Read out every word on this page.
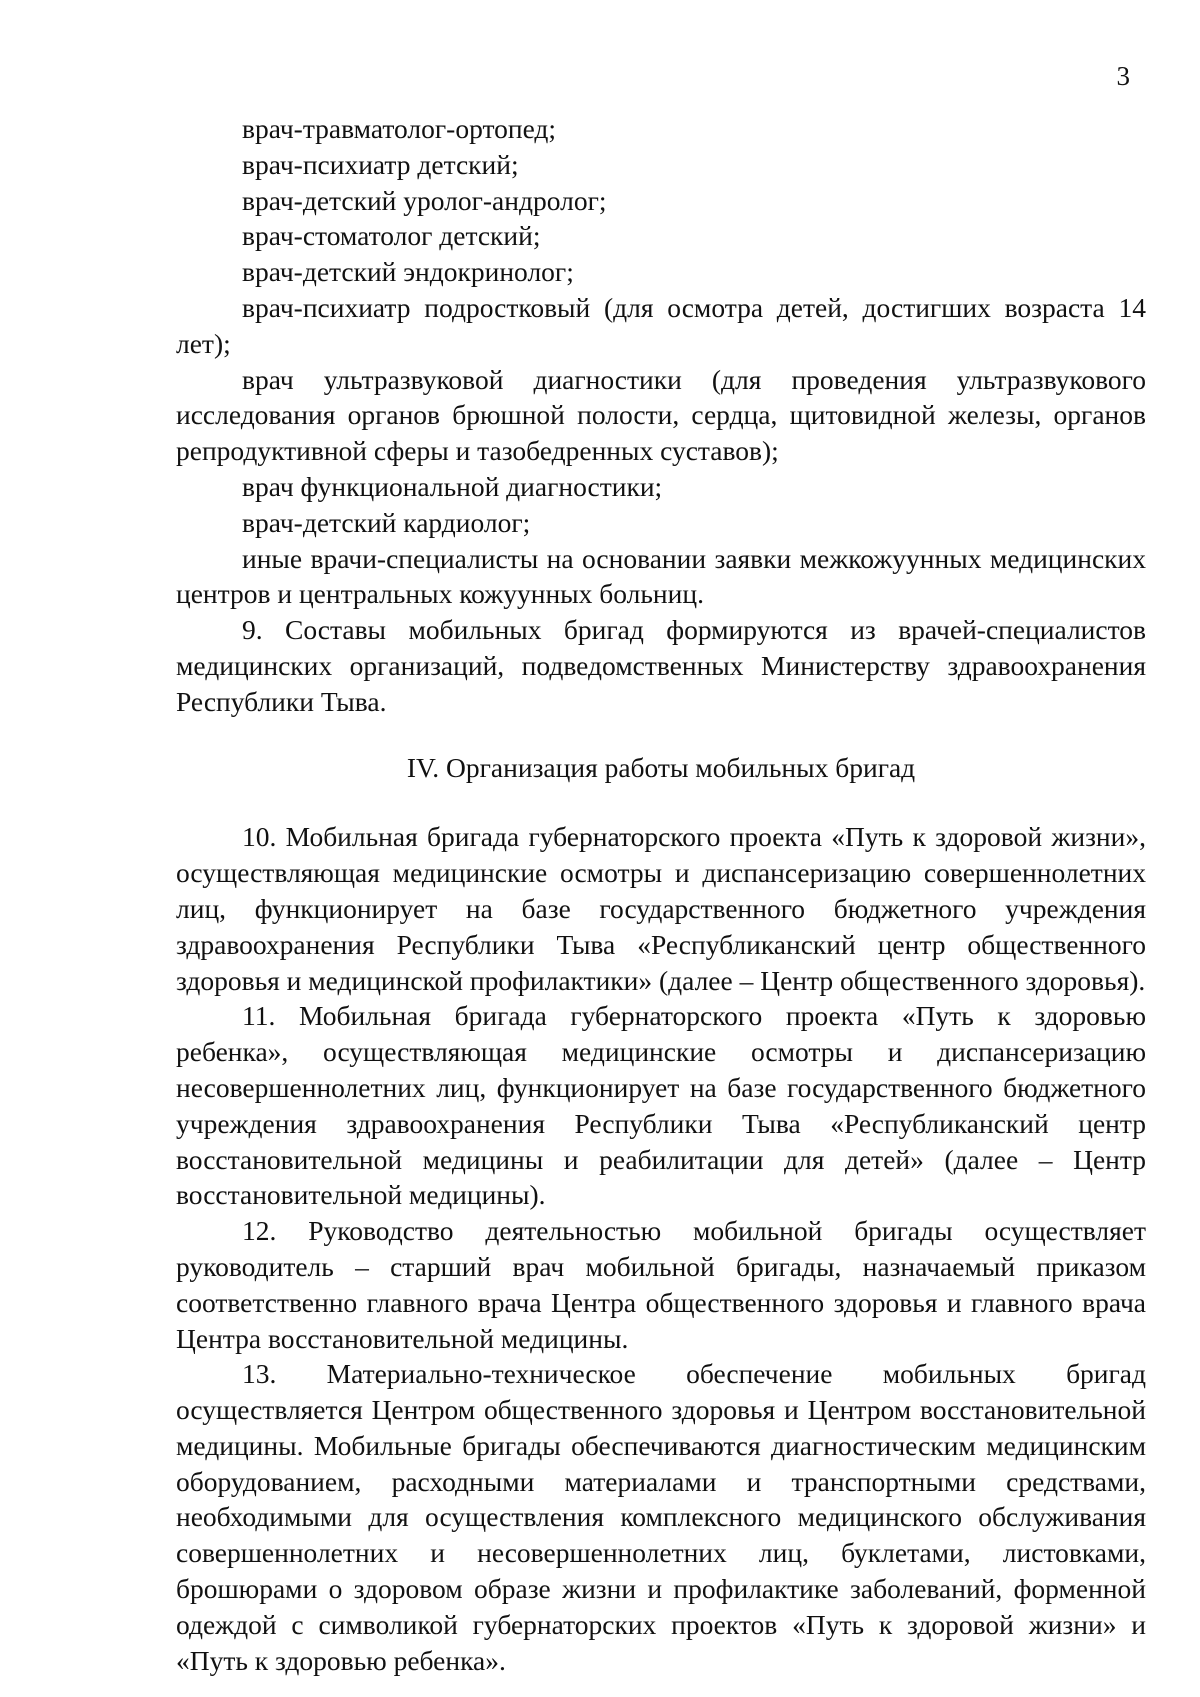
3

врач-травматолог-ортопед;

врач-психиатр детский;

врач-детский уролог-андролог;

врач-стоматолог детский;

врач-детский эндокринолог;

врач-психиатр подростковый (для осмотра детей, достигших возраста 14 лет);

врач ультразвуковой диагностики (для проведения ультразвукового исследования органов брюшной полости, сердца, щитовидной железы, органов репродуктивной сферы и тазобедренных суставов);

врач функциональной диагностики;

врач-детский кардиолог;

иные врачи-специалисты на основании заявки межкожуунных медицинских центров и центральных кожуунных больниц.

9. Составы мобильных бригад формируются из врачей-специалистов медицинских организаций, подведомственных Министерству здравоохранения Республики Тыва.

IV. Организация работы мобильных бригад

10. Мобильная бригада губернаторского проекта «Путь к здоровой жизни», осуществляющая медицинские осмотры и диспансеризацию совершеннолетних лиц, функционирует на базе государственного бюджетного учреждения здравоохранения Республики Тыва «Республиканский центр общественного здоровья и медицинской профилактики» (далее – Центр общественного здоровья).

11. Мобильная бригада губернаторского проекта «Путь к здоровью ребенка», осуществляющая медицинские осмотры и диспансеризацию несовершеннолетних лиц, функционирует на базе государственного бюджетного учреждения здравоохранения Республики Тыва «Республиканский центр восстановительной медицины и реабилитации для детей» (далее – Центр восстановительной медицины).

12. Руководство деятельностью мобильной бригады осуществляет руководитель – старший врач мобильной бригады, назначаемый приказом соответственно главного врача Центра общественного здоровья и главного врача Центра восстановительной медицины.

13. Материально-техническое обеспечение мобильных бригад осуществляется Центром общественного здоровья и Центром восстановительной медицины. Мобильные бригады обеспечиваются диагностическим медицинским оборудованием, расходными материалами и транспортными средствами, необходимыми для осуществления комплексного медицинского обслуживания совершеннолетних и несовершеннолетних лиц, буклетами, листовками, брошюрами о здоровом образе жизни и профилактике заболеваний, форменной одеждой с символикой губернаторских проектов «Путь к здоровой жизни» и «Путь к здоровью ребенка».
